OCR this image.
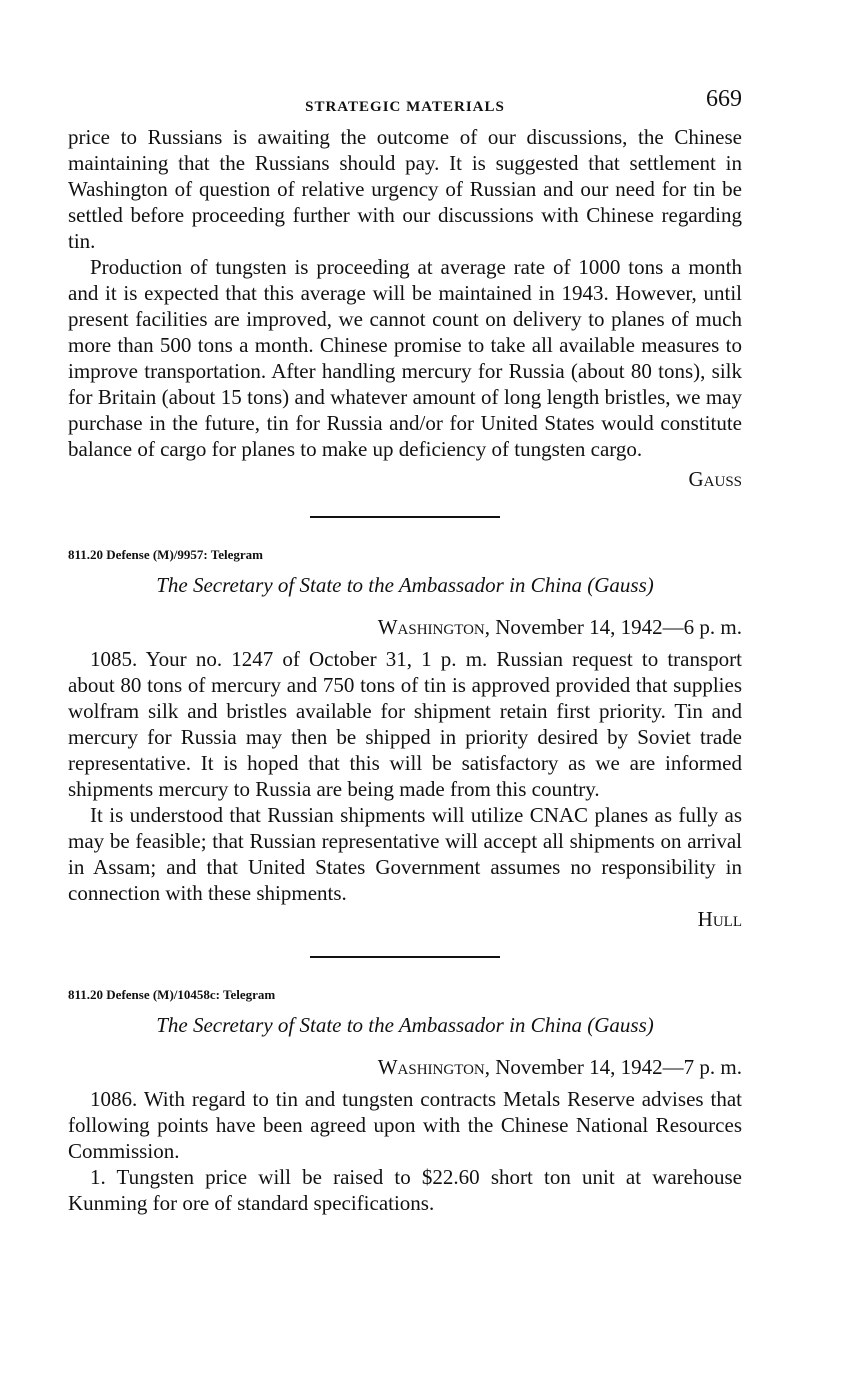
STRATEGIC MATERIALS	669

price to Russians is awaiting the outcome of our discussions, the Chinese maintaining that the Russians should pay. It is suggested that settlement in Washington of question of relative urgency of Russian and our need for tin be settled before proceeding further with our discussions with Chinese regarding tin.

Production of tungsten is proceeding at average rate of 1000 tons a month and it is expected that this average will be maintained in 1943. However, until present facilities are improved, we cannot count on delivery to planes of much more than 500 tons a month. Chinese promise to take all available measures to improve transportation. After handling mercury for Russia (about 80 tons), silk for Britain (about 15 tons) and whatever amount of long length bristles, we may purchase in the future, tin for Russia and/or for United States would constitute balance of cargo for planes to make up deficiency of tungsten cargo.

Gauss
811.20 Defense (M)/9957: Telegram
The Secretary of State to the Ambassador in China (Gauss)
Washington, November 14, 1942—6 p. m.

1085. Your no. 1247 of October 31, 1 p. m. Russian request to transport about 80 tons of mercury and 750 tons of tin is approved provided that supplies wolfram silk and bristles available for shipment retain first priority. Tin and mercury for Russia may then be shipped in priority desired by Soviet trade representative. It is hoped that this will be satisfactory as we are informed shipments mercury to Russia are being made from this country.

It is understood that Russian shipments will utilize CNAC planes as fully as may be feasible; that Russian representative will accept all shipments on arrival in Assam; and that United States Government assumes no responsibility in connection with these shipments.

Hull
811.20 Defense (M)/10458c: Telegram
The Secretary of State to the Ambassador in China (Gauss)
Washington, November 14, 1942—7 p. m.

1086. With regard to tin and tungsten contracts Metals Reserve advises that following points have been agreed upon with the Chinese National Resources Commission.

1. Tungsten price will be raised to $22.60 short ton unit at warehouse Kunming for ore of standard specifications.
